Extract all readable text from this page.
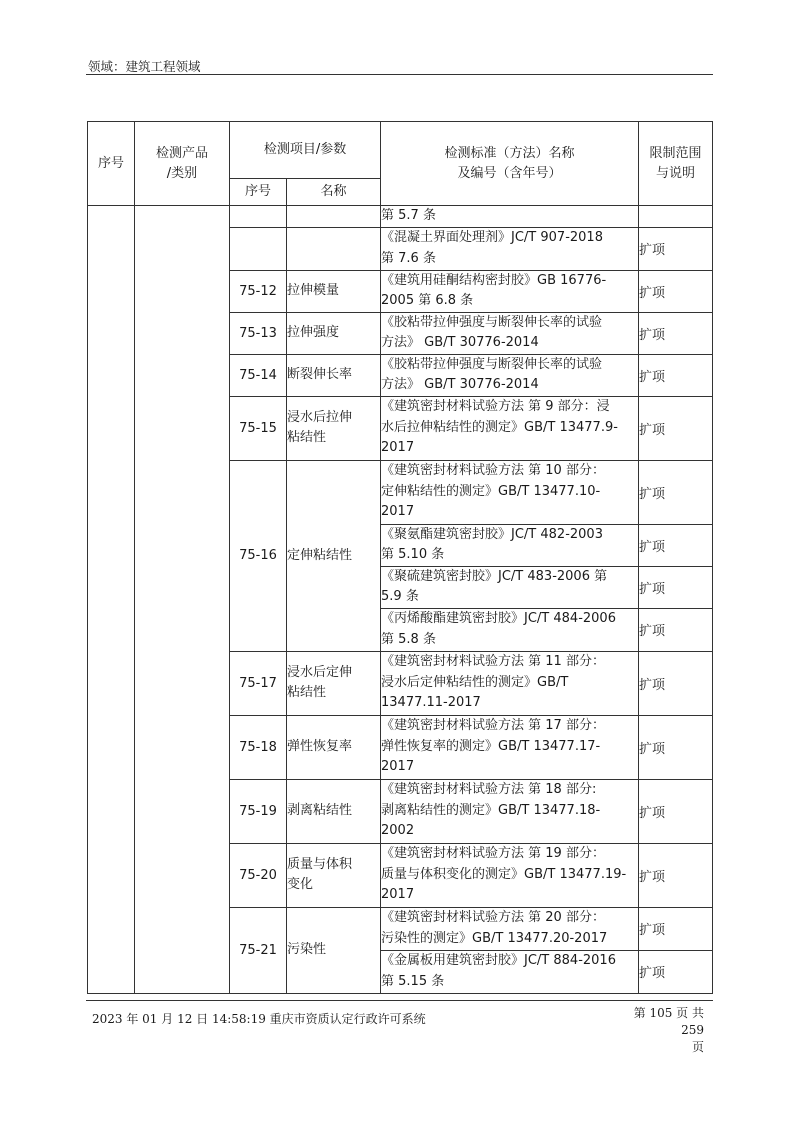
领域：建筑工程领域
序号	检测产品
/类别	检测项目/参数		检测标准（方法）名称
及编号（含年号）	限制范围
与说明
		序号	名称		
				第 5.7 条	

				《混凝土界面处理剂》JC/T 907-2018
第 7.6 条	扩项
		75-12	拉伸模量	《建筑用硅酮结构密封胶》GB 16776-
2005 第 6.8 条	扩项
		75-13	拉伸强度	《胶粘带拉伸强度与断裂伸长率的试验
方法》 GB/T 30776-2014	扩项
		75-14	断裂伸长率	《胶粘带拉伸强度与断裂伸长率的试验
方法》 GB/T 30776-2014	扩项
		75-15	浸水后拉伸
粘结性	《建筑密封材料试验方法 第 9 部分：浸
水后拉伸粘结性的测定》GB/T 13477.9-
2017	扩项
		75-16	定伸粘结性	《建筑密封材料试验方法 第 10 部分：
定伸粘结性的测定》GB/T 13477.10-
2017	扩项

				《聚氨酯建筑密封胶》JC/T 482-2003
第 5.10 条	扩项

				《聚硫建筑密封胶》JC/T 483-2006 第
5.9 条	扩项

				《丙烯酸酯建筑密封胶》JC/T 484-2006
第 5.8 条	扩项
		75-17	浸水后定伸
粘结性	《建筑密封材料试验方法 第 11 部分：
浸水后定伸粘结性的测定》GB/T
13477.11-2017	扩项
		75-18	弹性恢复率	《建筑密封材料试验方法 第 17 部分：
弹性恢复率的测定》GB/T 13477.17-
2017	扩项
		75-19	剥离粘结性	《建筑密封材料试验方法 第 18 部分:
剥离粘结性的测定》GB/T 13477.18-
2002	扩项
		75-20	质量与体积
变化	《建筑密封材料试验方法 第 19 部分：
质量与体积变化的测定》GB/T 13477.19-
2017	扩项
		75-21	污染性	《建筑密封材料试验方法 第 20 部分：
污染性的测定》GB/T 13477.20-2017	扩项

				《金属板用建筑密封胶》JC/T 884-2016
第 5.15 条	扩项
2023 年 01 月 12 日 14:58:19 重庆市资质认定行政许可系统	第 105 页 共 259
页
